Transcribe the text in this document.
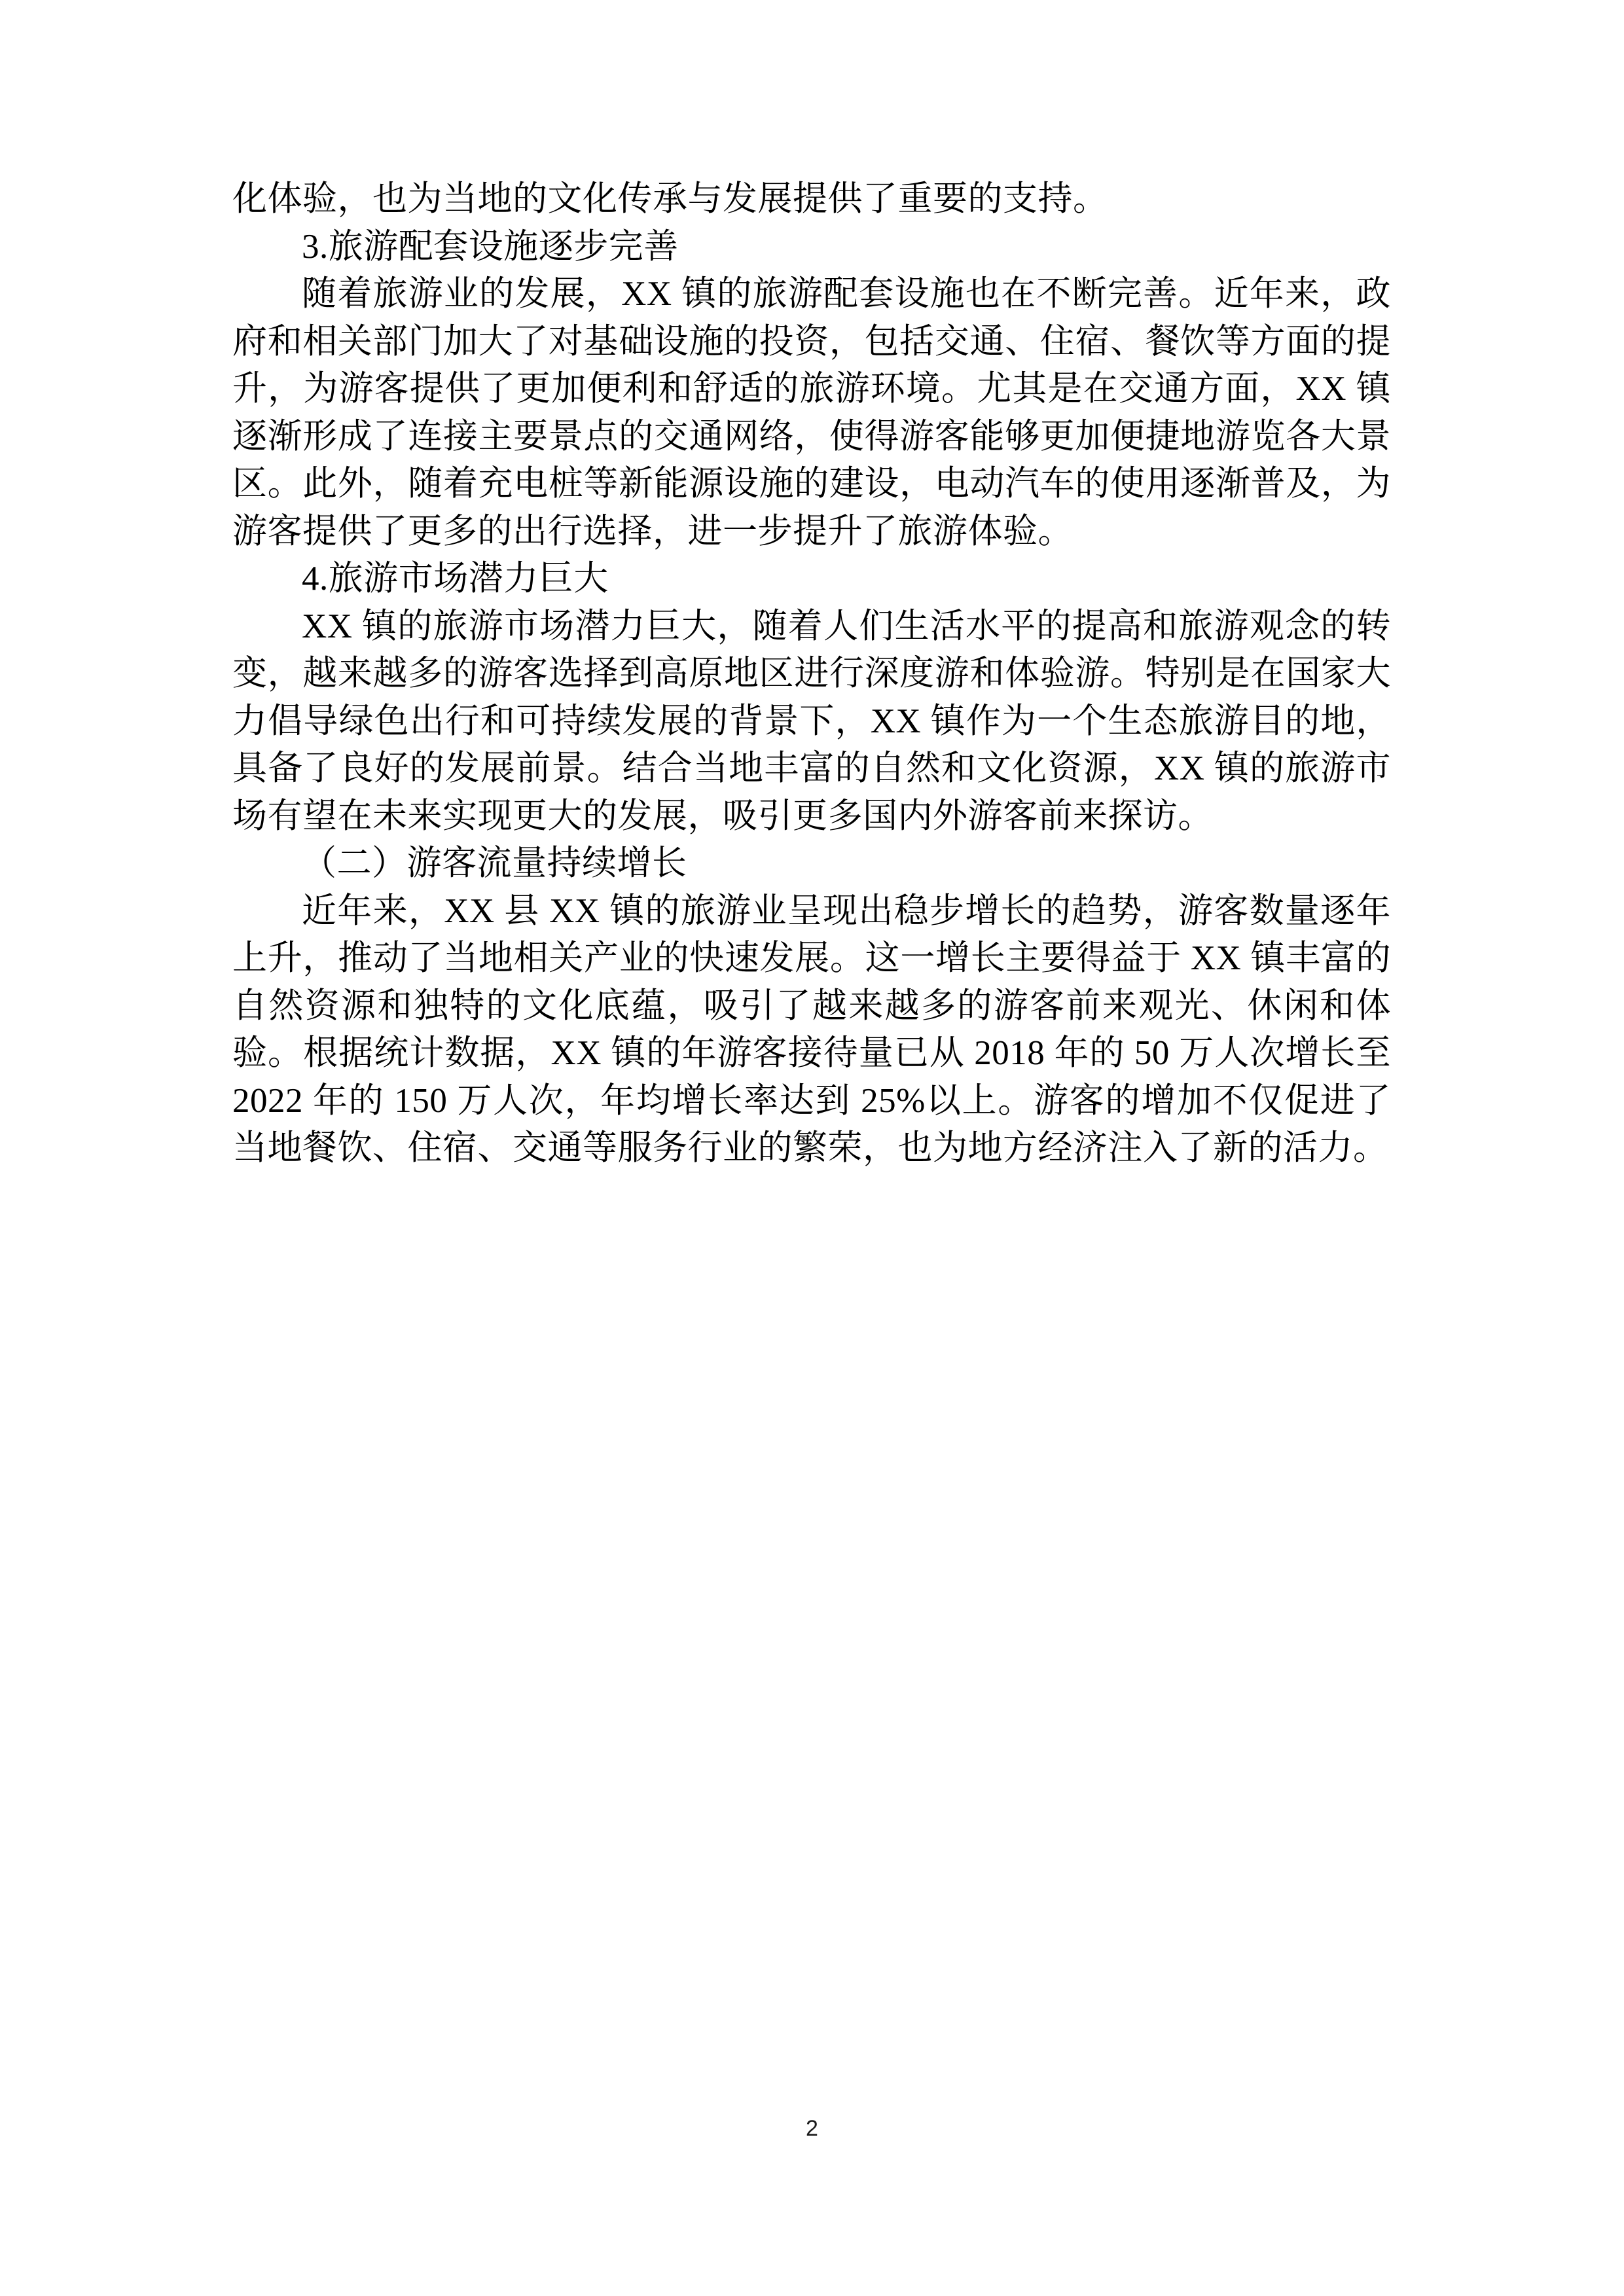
化体验，也为当地的文化传承与发展提供了重要的支持。

3.旅游配套设施逐步完善

随着旅游业的发展，XX 镇的旅游配套设施也在不断完善。近年来，政府和相关部门加大了对基础设施的投资，包括交通、住宿、餐饮等方面的提升，为游客提供了更加便利和舒适的旅游环境。尤其是在交通方面，XX 镇逐渐形成了连接主要景点的交通网络，使得游客能够更加便捷地游览各大景区。此外，随着充电桩等新能源设施的建设，电动汽车的使用逐渐普及，为游客提供了更多的出行选择，进一步提升了旅游体验。

4.旅游市场潜力巨大

XX 镇的旅游市场潜力巨大，随着人们生活水平的提高和旅游观念的转变，越来越多的游客选择到高原地区进行深度游和体验游。特别是在国家大力倡导绿色出行和可持续发展的背景下，XX 镇作为一个生态旅游目的地，具备了良好的发展前景。结合当地丰富的自然和文化资源，XX 镇的旅游市场有望在未来实现更大的发展，吸引更多国内外游客前来探访。

（二）游客流量持续增长

近年来，XX 县 XX 镇的旅游业呈现出稳步增长的趋势，游客数量逐年上升，推动了当地相关产业的快速发展。这一增长主要得益于 XX 镇丰富的自然资源和独特的文化底蕴，吸引了越来越多的游客前来观光、休闲和体验。根据统计数据，XX 镇的年游客接待量已从 2018 年的 50 万人次增长至 2022 年的 150 万人次，年均增长率达到 25%以上。游客的增加不仅促进了当地餐饮、住宿、交通等服务行业的繁荣，也为地方经济注入了新的活力。

2
